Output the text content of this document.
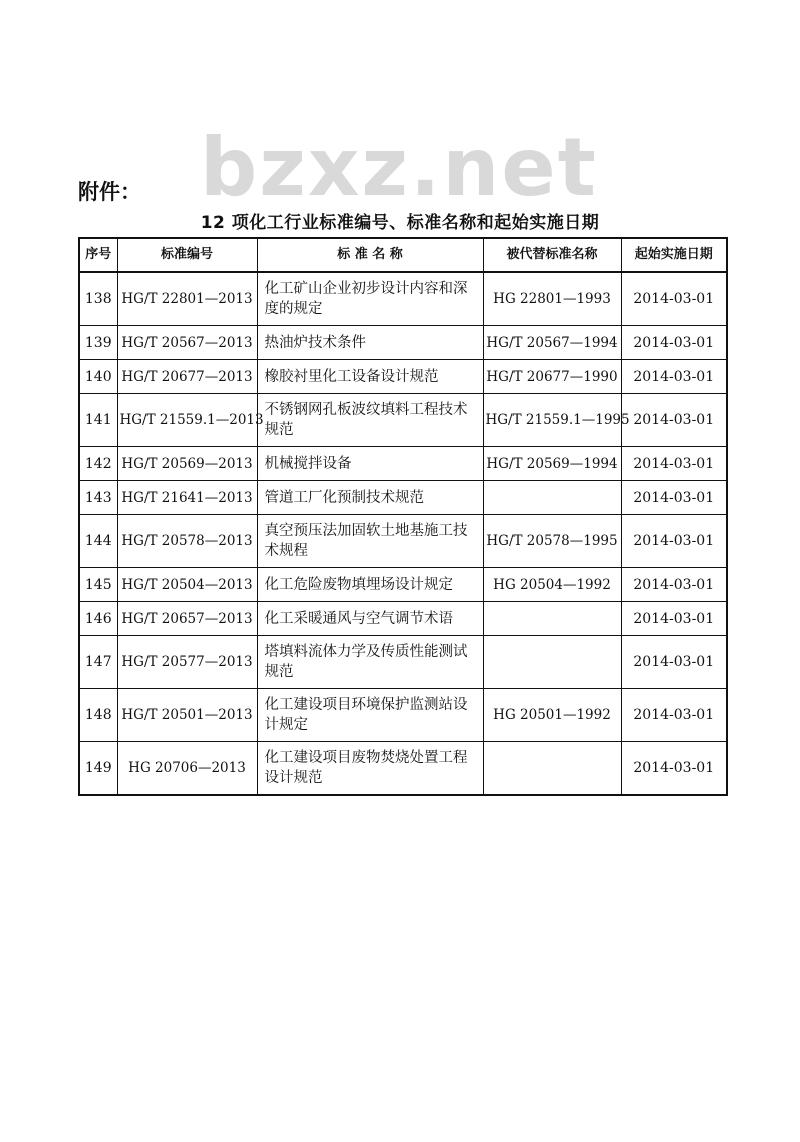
bzxz.net
附件：
12 项化工行业标准编号、标准名称和起始实施日期
序号	标准编号	标 准 名 称	被代替标准名称	起始实施日期
138	HG/T 22801—2013	化工矿山企业初步设计内容和深度的规定	HG 22801—1993	2014-03-01
139	HG/T 20567—2013	热油炉技术条件	HG/T 20567—1994	2014-03-01
140	HG/T 20677—2013	橡胶衬里化工设备设计规范	HG/T 20677—1990	2014-03-01
141	HG/T 21559.1—2013	不锈钢网孔板波纹填料工程技术规范	HG/T 21559.1—1995	2014-03-01
142	HG/T 20569—2013	机械搅拌设备	HG/T 20569—1994	2014-03-01
143	HG/T 21641—2013	管道工厂化预制技术规范		2014-03-01
144	HG/T 20578—2013	真空预压法加固软土地基施工技术规程	HG/T 20578—1995	2014-03-01
145	HG/T 20504—2013	化工危险废物填埋场设计规定	HG 20504—1992	2014-03-01
146	HG/T 20657—2013	化工采暖通风与空气调节术语		2014-03-01
147	HG/T 20577—2013	塔填料流体力学及传质性能测试规范		2014-03-01
148	HG/T 20501—2013	化工建设项目环境保护监测站设计规定	HG 20501—1992	2014-03-01
149	HG 20706—2013	化工建设项目废物焚烧处置工程设计规范		2014-03-01
